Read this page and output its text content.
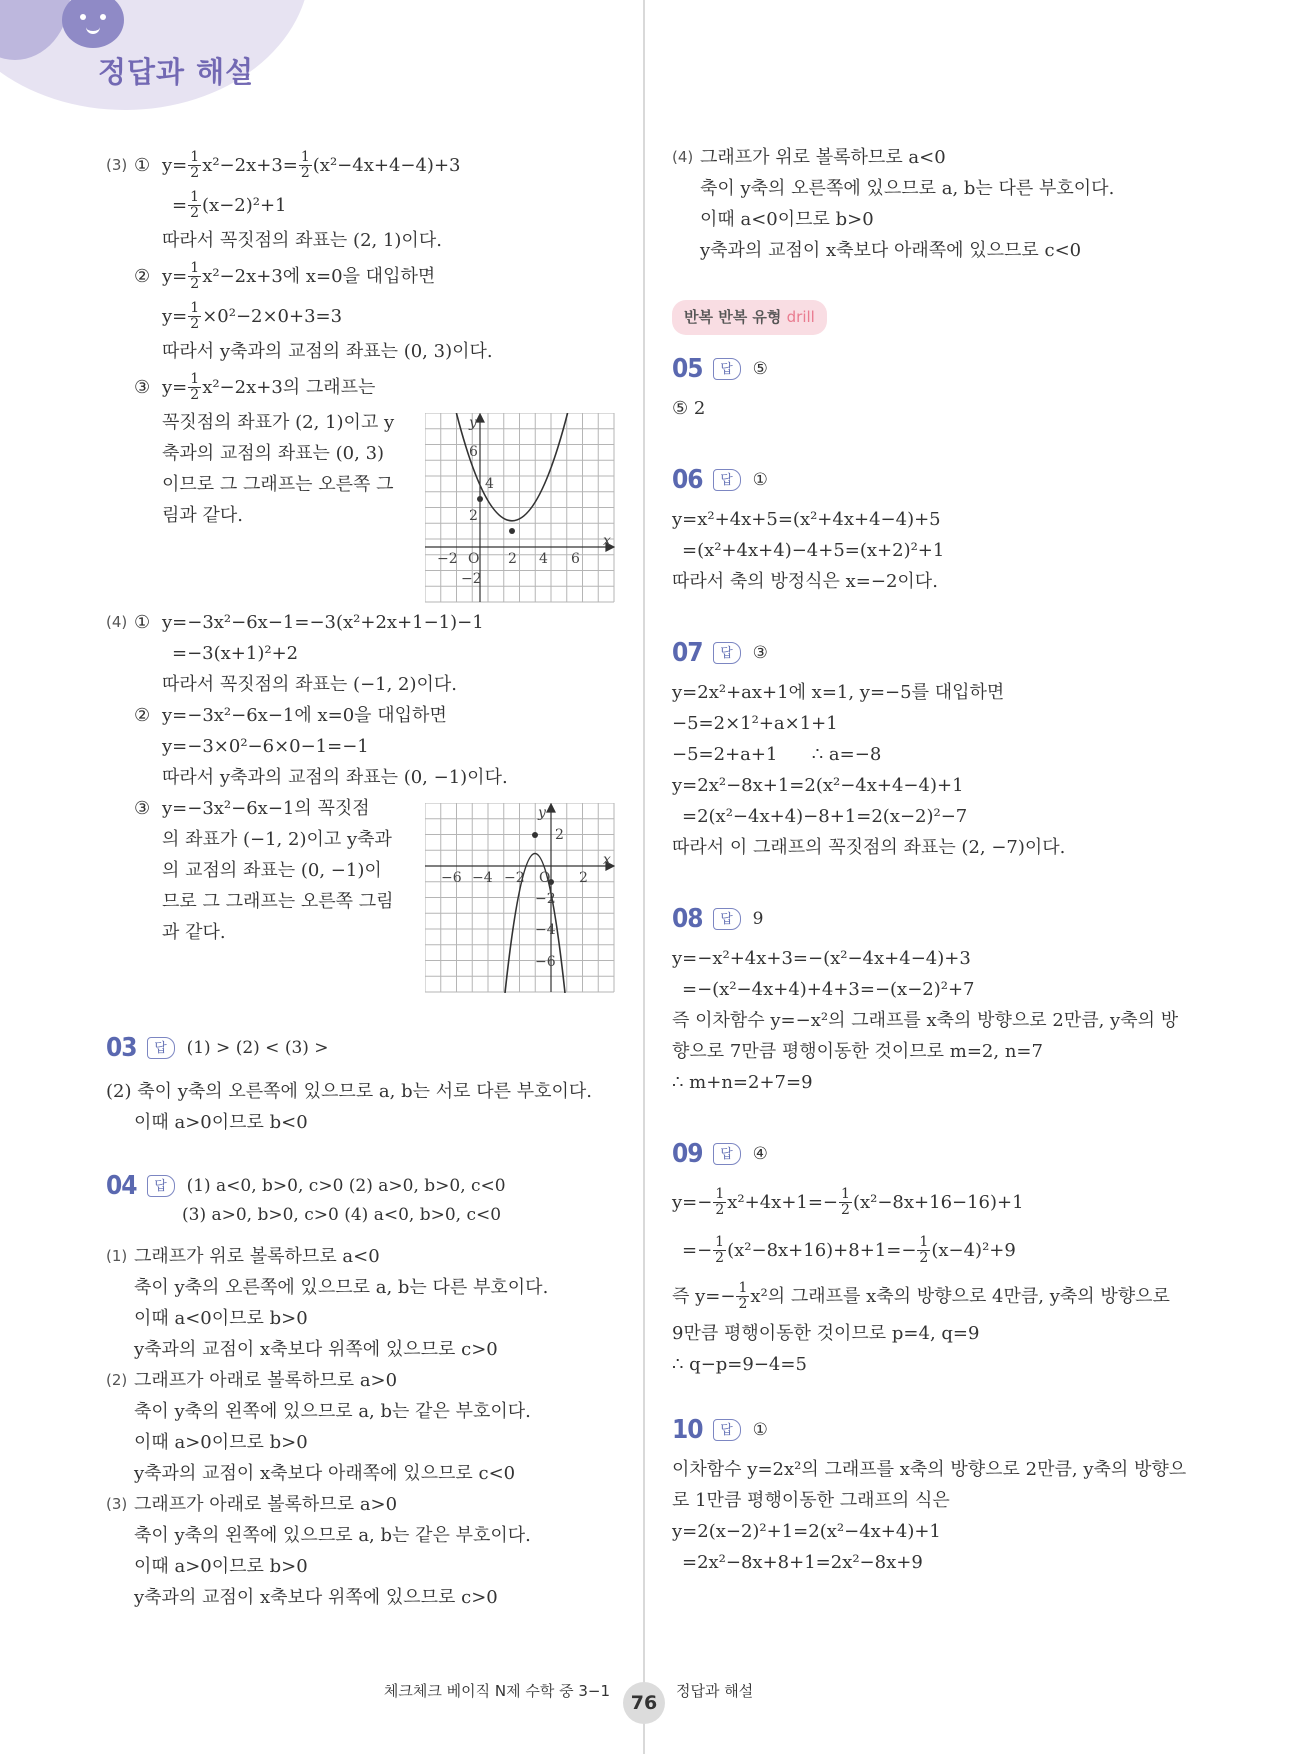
정답과 해설
(3) ① $y= \frac{1}{2} x^2-2x+3= \frac{1}{2} (x^2-4x+4-4)+3$
= $\frac{1}{2} (x-2)^2+1$
따라서 꼭짓점의 좌표는 (2, 1)이다.
② $y= \frac{1}{2} x^2-2x+3$에 x=0을 대입하면
$y= \frac{1}{2} \times 0^2-2\times 0+3=3$
따라서 y축과의 교점의 좌표는 (0, 3)이다.
③ $y= \frac{1}{2} x^2-2x+3$의 그래프는
꼭짓점의 좌표가 (2, 1)이고 y
축과의 교점의 좌표는 (0, 3)
이므로 그 그래프는 오른쪽 그
림과 같다.
(4) ① y=−3x²−6x−1=−3(x²+2x+1−1)−1
=−3(x+1)²+2
따라서 꼭짓점의 좌표는 (−1, 2)이다.
② y=−3x²−6x−1에 x=0을 대입하면
y=−3×0²−6×0−1=−1
따라서 y축과의 교점의 좌표는 (0, −1)이다.
③ y=−3x²−6x−1의 꼭짓점
의 좌표가 (−1, 2)이고 y축과
의 교점의 좌표는 (0, −1)이
므로 그 그래프는 오른쪽 그림
과 같다.
y
x
O
6
4
2
−2
−2	2 4 6
y
x
O
2
−2
−4
−6
−6 −4 −2	2
03	답	(1) > (2) < (3) >
(2) 축이 y축의 오른쪽에 있으므로 a, b는 서로 다른 부호이다.
이때 a>0이므로 b<0
04	답	(1) a<0, b>0, c>0 (2) a>0, b>0, c<0
(3) a>0, b>0, c>0 (4) a<0, b>0, c<0
(1) 그래프가 위로 볼록하므로 a<0
축이 y축의 오른쪽에 있으므로 a, b는 다른 부호이다.
이때 a<0이므로 b>0
y축과의 교점이 x축보다 위쪽에 있으므로 c>0
(2) 그래프가 아래로 볼록하므로 a>0
축이 y축의 왼쪽에 있으므로 a, b는 같은 부호이다.
이때 a>0이므로 b>0
y축과의 교점이 x축보다 아래쪽에 있으므로 c<0
(3) 그래프가 아래로 볼록하므로 a>0
축이 y축의 왼쪽에 있으므로 a, b는 같은 부호이다.
이때 a>0이므로 b>0
y축과의 교점이 x축보다 위쪽에 있으므로 c>0
(4) 그래프가 위로 볼록하므로 a<0
축이 y축의 오른쪽에 있으므로 a, b는 다른 부호이다.
이때 a<0이므로 b>0
y축과의 교점이 x축보다 아래쪽에 있으므로 c<0
반복 반복 유형 drill
05	답	⑤
⑤ 2
06	답	①
y=x²+4x+5=(x²+4x+4−4)+5
=(x²+4x+4)−4+5=(x+2)²+1
따라서 축의 방정식은 x=−2이다.
07	답	③
y=2x²+ax+1에 x=1, y=−5를 대입하면
−5=2×1²+a×1+1
−5=2+a+1      ∴ a=−8
y=2x²−8x+1=2(x²−4x+4−4)+1
=2(x²−4x+4)−8+1=2(x−2)²−7
따라서 이 그래프의 꼭짓점의 좌표는 (2, −7)이다.
08	답	9
y=−x²+4x+3=−(x²−4x+4−4)+3
=−(x²−4x+4)+4+3=−(x−2)²+7
즉 이차함수 y=−x²의 그래프를 x축의 방향으로 2만큼, y축의 방
향으로 7만큼 평행이동한 것이므로 m=2, n=7
∴ m+n=2+7=9
09	답	④
$y=- \frac{1}{2} x^2+4x+1=- \frac{1}{2} (x^2-8x+16-16)+1$
=− $\frac{1}{2} (x^2-8x+16)+8+1=- \frac{1}{2} (x-4)^2+9$
즉 $y=- \frac{1}{2} x^2$의 그래프를 x축의 방향으로 4만큼, y축의 방향으로
9만큼 평행이동한 것이므로 p=4, q=9
∴ q−p=9−4=5
10	답	①
이차함수 y=2x²의 그래프를 x축의 방향으로 2만큼, y축의 방향으
로 1만큼 평행이동한 그래프의 식은
y=2(x−2)²+1=2(x²−4x+4)+1
=2x²−8x+8+1=2x²−8x+9
체크체크 베이직 N제 수학 중 3−1
76
정답과 해설
